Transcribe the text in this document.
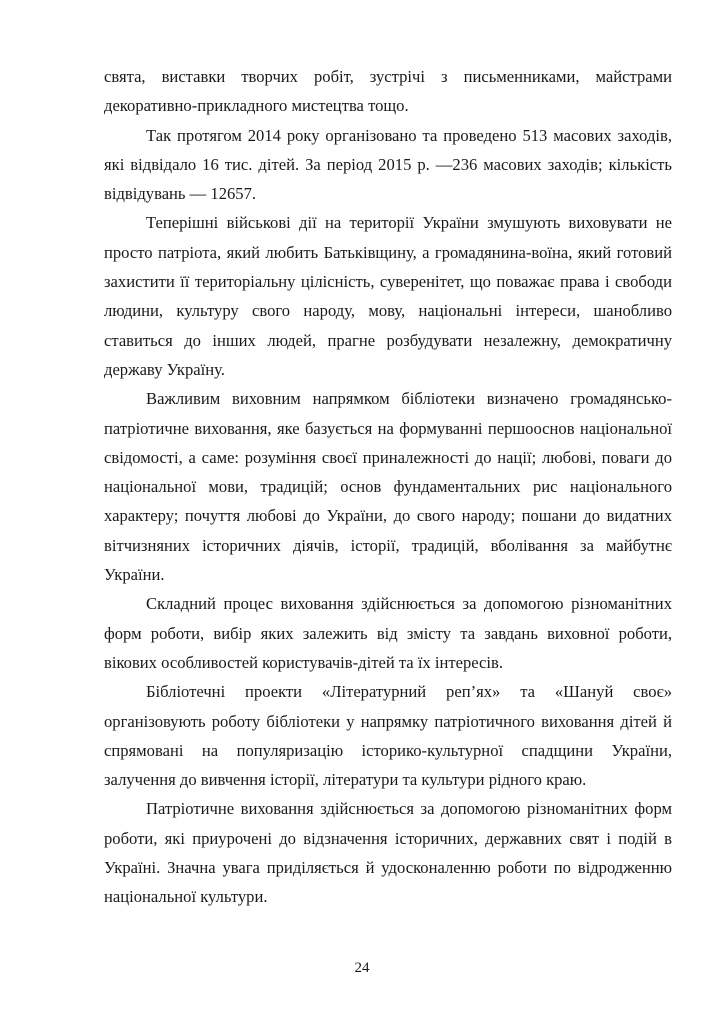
свята, виставки творчих робіт, зустрічі з письменниками, майстрами декоративно-прикладного мистецтва тощо.

Так протягом 2014 року організовано та проведено 513 масових заходів, які відвідало 16 тис. дітей. За період 2015 р. —236 масових заходів; кількість відвідувань — 12657.

Теперішні військові дії на території України змушують виховувати не просто патріота, який любить Батьківщину, а громадянина-воїна, який готовий захистити її територіальну цілісність, суверенітет, що поважає права і свободи людини, культуру свого народу, мову, національні інтереси, шанобливо ставиться до інших людей, прагне розбудувати незалежну, демократичну державу Україну.

Важливим виховним напрямком бібліотеки визначено громадянсько-патріотичне виховання, яке базується на формуванні першооснов національної свідомості, а саме: розуміння своєї приналежності до нації; любові, поваги до національної мови, традицій; основ фундаментальних рис національного характеру; почуття любові до України, до свого народу; пошани до видатних вітчизняних історичних діячів, історії, традицій, вболівання за майбутнє України.

Складний процес виховання здійснюється за допомогою різноманітних форм роботи, вибір яких залежить від змісту та завдань виховної роботи, вікових особливостей користувачів-дітей та їх інтересів.

Бібліотечні проекти «Літературний реп’ях» та «Шануй своє» організовують роботу бібліотеки у напрямку патріотичного виховання дітей й спрямовані на популяризацію історико-культурної спадщини України, залучення до вивчення історії, літератури та культури рідного краю.

Патріотичне виховання здійснюється за допомогою різноманітних форм роботи, які приурочені до відзначення історичних, державних свят і подій в Україні. Значна увага приділяється й удосконаленню роботи по відродженню національної культури.

24
